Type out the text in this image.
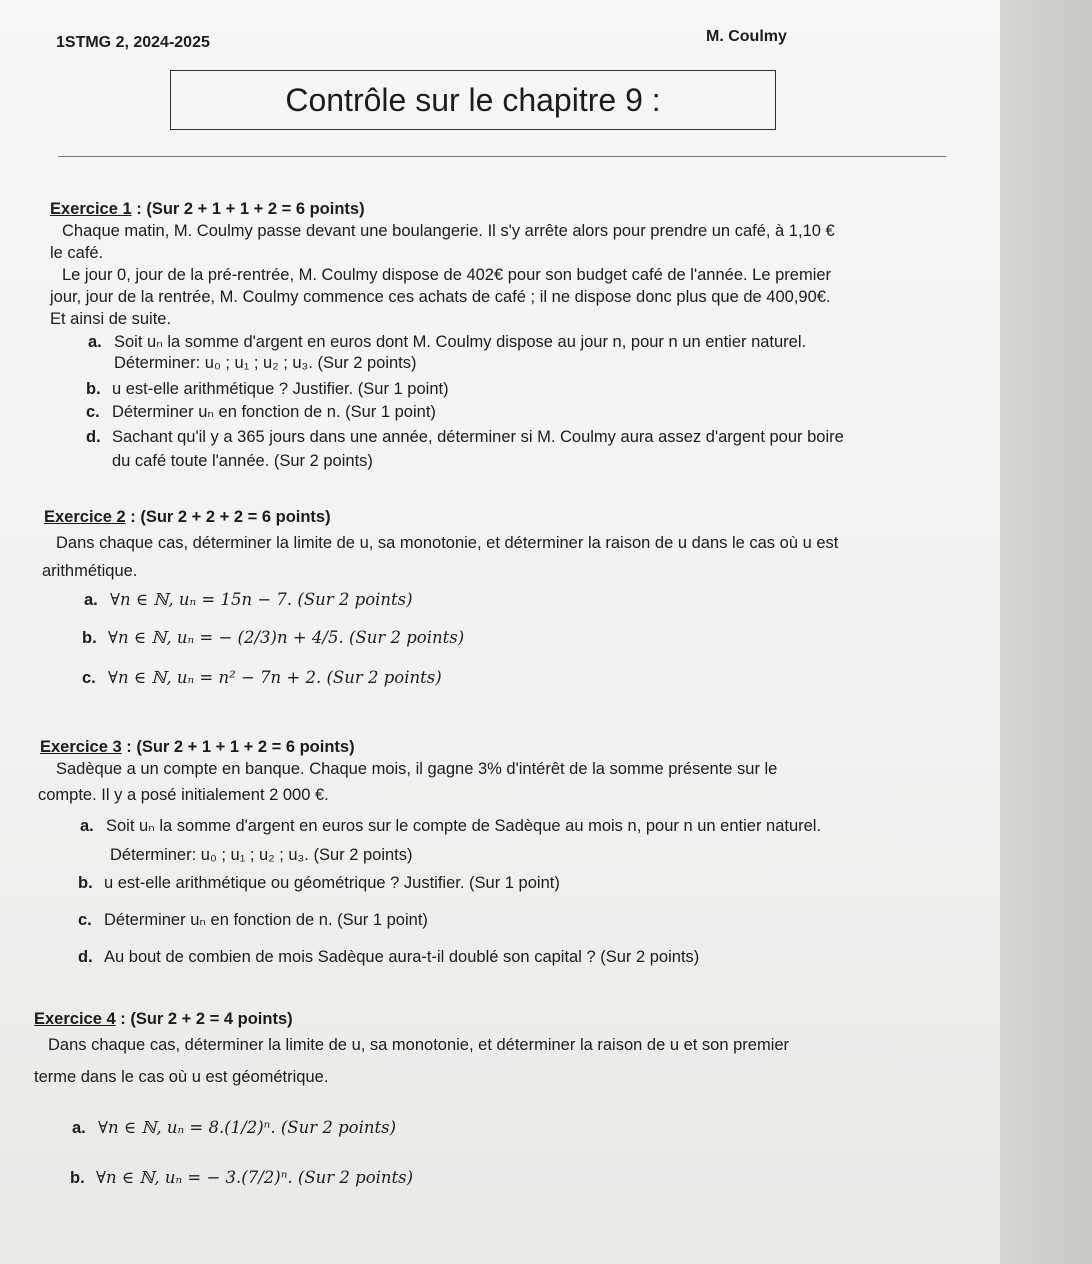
1STMG 2, 2024-2025	M. Coulmy
Contrôle sur le chapitre 9 :
Exercice 1 : (Sur 2 + 1 + 1 + 2 = 6 points)
Chaque matin, M. Coulmy passe devant une boulangerie. Il s'y arrête alors pour prendre un café, à 1,10 €
le café.
Le jour 0, jour de la pré-rentrée, M. Coulmy dispose de 402€ pour son budget café de l'année. Le premier
jour, jour de la rentrée, M. Coulmy commence ces achats de café ; il ne dispose donc plus que de 400,90€.
Et ainsi de suite.
a. Soit uₙ la somme d'argent en euros dont M. Coulmy dispose au jour n, pour n un entier naturel.
Déterminer: u₀ ; u₁ ; u₂ ; u₃. (Sur 2 points)
b. u est-elle arithmétique ? Justifier. (Sur 1 point)
c. Déterminer uₙ en fonction de n. (Sur 1 point)
d. Sachant qu'il y a 365 jours dans une année, déterminer si M. Coulmy aura assez d'argent pour boire
du café toute l'année. (Sur 2 points)
Exercice 2 : (Sur 2 + 2 + 2 = 6 points)
Dans chaque cas, déterminer la limite de u, sa monotonie, et déterminer la raison de u dans le cas où u est
arithmétique.
a. ∀n ∈ ℕ, uₙ = 15n − 7. (Sur 2 points)
b. ∀n ∈ ℕ, uₙ = − (2/3)n + 4/5. (Sur 2 points)
c. ∀n ∈ ℕ, uₙ = n² − 7n + 2. (Sur 2 points)
Exercice 3 : (Sur 2 + 1 + 1 + 2 = 6 points)
Sadèque a un compte en banque. Chaque mois, il gagne 3% d'intérêt de la somme présente sur le
compte. Il y a posé initialement 2 000 €.
a. Soit uₙ la somme d'argent en euros sur le compte de Sadèque au mois n, pour n un entier naturel.
Déterminer: u₀ ; u₁ ; u₂ ; u₃. (Sur 2 points)
b. u est-elle arithmétique ou géométrique ? Justifier. (Sur 1 point)
c. Déterminer uₙ en fonction de n. (Sur 1 point)
d. Au bout de combien de mois Sadèque aura-t-il doublé son capital ? (Sur 2 points)
Exercice 4 : (Sur 2 + 2 = 4 points)
Dans chaque cas, déterminer la limite de u, sa monotonie, et déterminer la raison de u et son premier
terme dans le cas où u est géométrique.
a. ∀n ∈ ℕ, uₙ = 8.(1/2)ⁿ. (Sur 2 points)
b. ∀n ∈ ℕ, uₙ = − 3.(7/2)ⁿ. (Sur 2 points)
